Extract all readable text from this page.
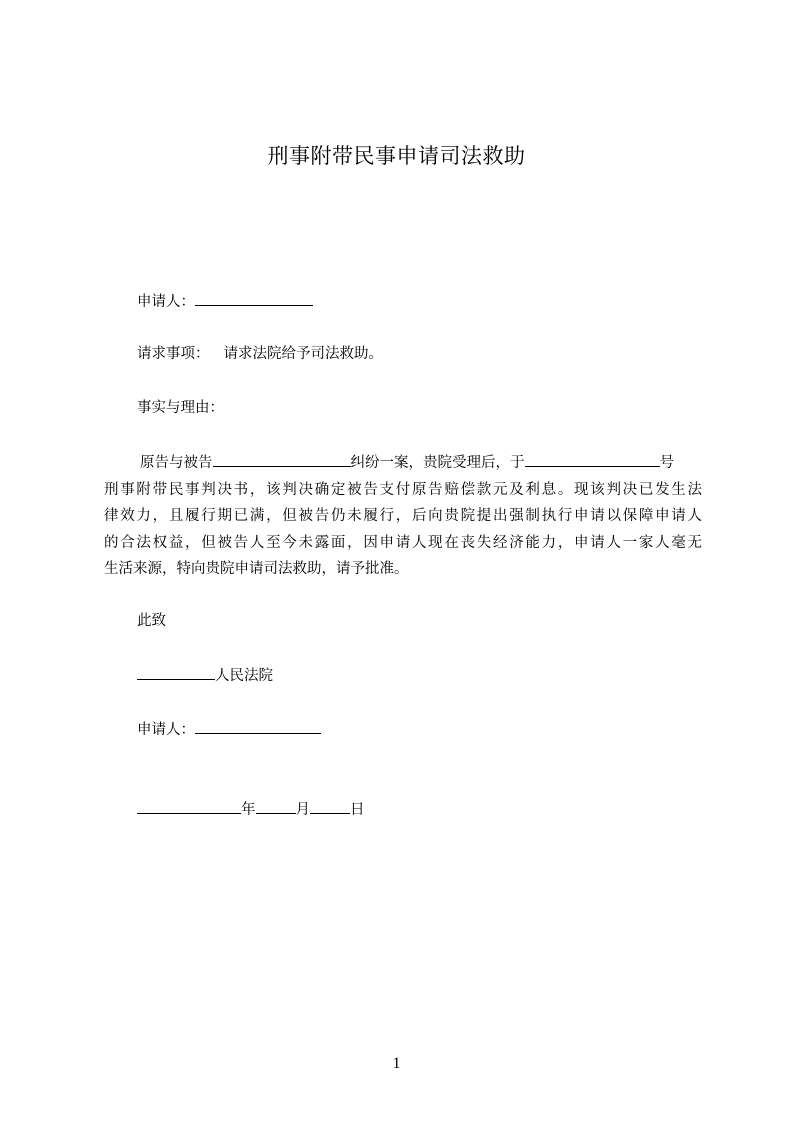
刑事附带民事申请司法救助
申请人：
请求事项： 请求法院给予司法救助。
事实与理由：
原告与被告	纠纷一案，贵院受理后，于	号
刑事附带民事判决书，该判决确定被告支付原告赔偿款元及利息。现该判决已发生法
律效力，且履行期已满，但被告仍未履行，后向贵院提出强制执行申请以保障申请人
的合法权益，但被告人至今未露面，因申请人现在丧失经济能力，申请人一家人毫无
生活来源，特向贵院申请司法救助，请予批准。
此致
人民法院
申请人：
年	月	日
1
